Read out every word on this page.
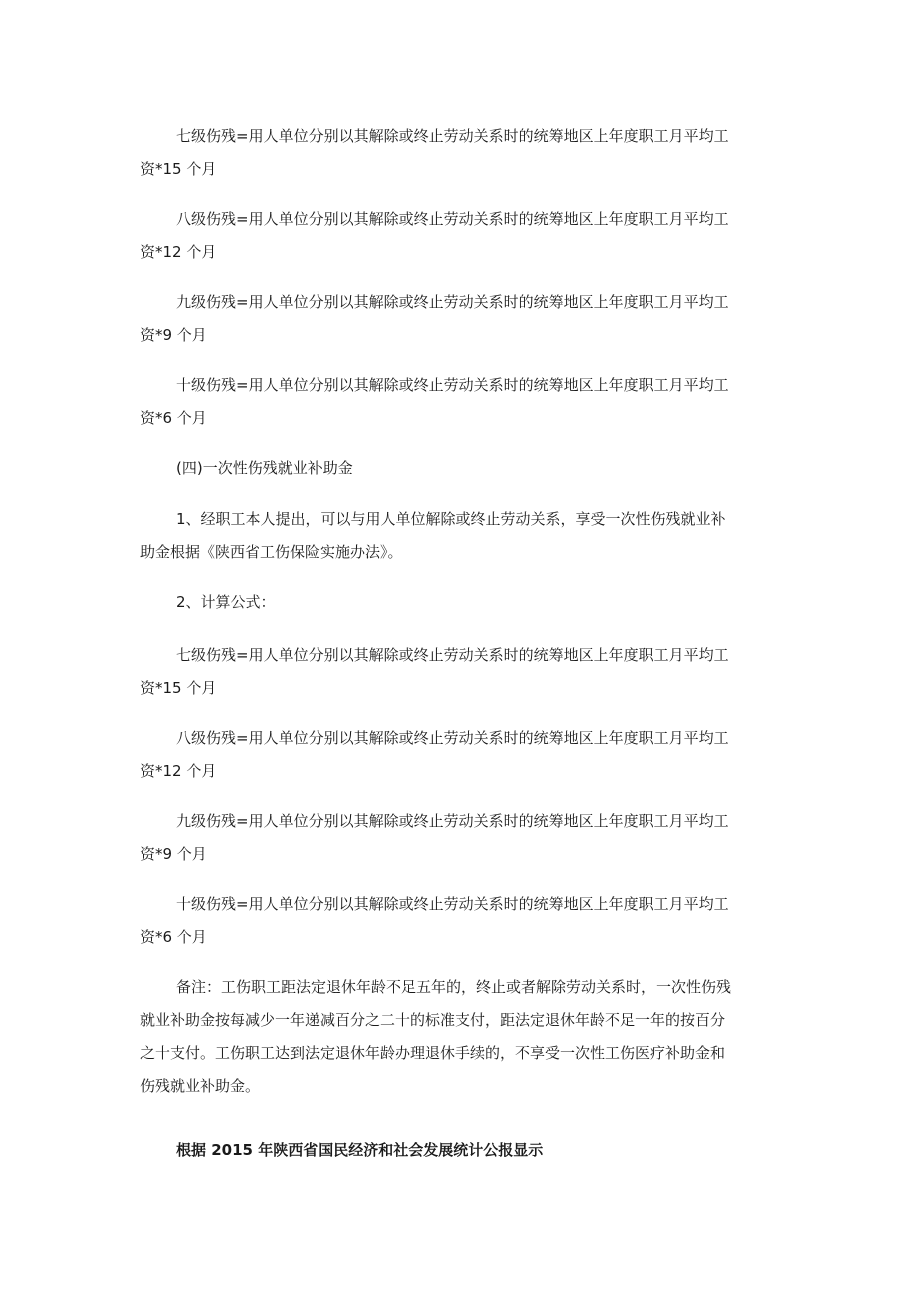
七级伤残=用人单位分别以其解除或终止劳动关系时的统筹地区上年度职工月平均工
资*15 个月

八级伤残=用人单位分别以其解除或终止劳动关系时的统筹地区上年度职工月平均工
资*12 个月

九级伤残=用人单位分别以其解除或终止劳动关系时的统筹地区上年度职工月平均工
资*9 个月

十级伤残=用人单位分别以其解除或终止劳动关系时的统筹地区上年度职工月平均工
资*6 个月

(四)一次性伤残就业补助金

1、经职工本人提出，可以与用人单位解除或终止劳动关系，享受一次性伤残就业补
助金根据《陕西省工伤保险实施办法》。

2、计算公式：

七级伤残=用人单位分别以其解除或终止劳动关系时的统筹地区上年度职工月平均工
资*15 个月

八级伤残=用人单位分别以其解除或终止劳动关系时的统筹地区上年度职工月平均工
资*12 个月

九级伤残=用人单位分别以其解除或终止劳动关系时的统筹地区上年度职工月平均工
资*9 个月

十级伤残=用人单位分别以其解除或终止劳动关系时的统筹地区上年度职工月平均工
资*6 个月

备注：工伤职工距法定退休年龄不足五年的，终止或者解除劳动关系时，一次性伤残
就业补助金按每减少一年递减百分之二十的标准支付，距法定退休年龄不足一年的按百分
之十支付。工伤职工达到法定退休年龄办理退休手续的，不享受一次性工伤医疗补助金和
伤残就业补助金。

根据 2015 年陕西省国民经济和社会发展统计公报显示
